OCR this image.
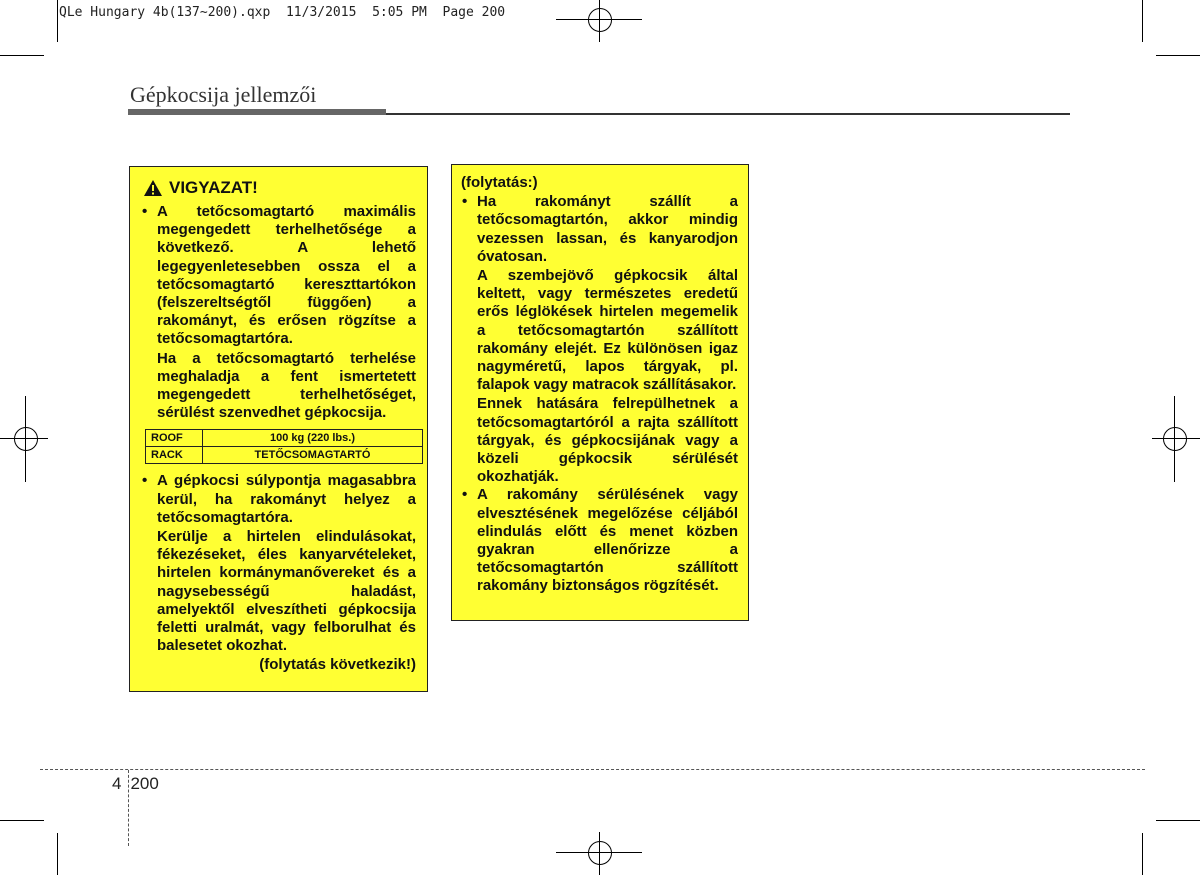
QLe Hungary 4b(137~200).qxp  11/3/2015  5:05 PM  Page 200
Gépkocsija jellemzői
VIGYAZAT!
• A tetőcsomagtartó maximális megengedett terhelhetősége a következő. A lehető legegyenletesebben ossza el a tetőcsomagtartó kereszttartókon (felszereltségtől függően) a rakományt, és erősen rögzítse a tetőcsomagtartóra.
Ha a tetőcsomagtartó terhelése meghaladja a fent ismertetett megengedett terhelhetőséget, sérülést szenvedhet gépkocsija.
ROOF	100 kg (220 lbs.)
RACK	TETŐCSOMAGTARTÓ
• A gépkocsi súlypontja magasabbra kerül, ha rakományt helyez a tetőcsomagtartóra.
Kerülje a hirtelen elindulásokat, fékezéseket, éles kanyarvételeket, hirtelen kormánymanővereket és a nagysebességű haladást, amelyektől elveszítheti gépkocsija feletti uralmát, vagy felborulhat és balesetet okozhat.
(folytatás következik!)
(folytatás:)
• Ha rakományt szállít a tetőcsomagtartón, akkor mindig vezessen lassan, és kanyarodjon óvatosan.
A szembejövő gépkocsik által keltett, vagy természetes eredetű erős léglökések hirtelen megemelik a tetőcsomagtartón szállított rakomány elejét. Ez különösen igaz nagyméretű, lapos tárgyak, pl. falapok vagy matracok szállításakor.
Ennek hatására felrepülhetnek a tetőcsomagtartóról a rajta szállított tárgyak, és gépkocsijának vagy a közeli gépkocsik sérülését okozhatják.
• A rakomány sérülésének vagy elvesztésének megelőzése céljából elindulás előtt és menet közben gyakran ellenőrizze a tetőcsomagtartón szállított rakomány biztonságos rögzítését.
4 200
